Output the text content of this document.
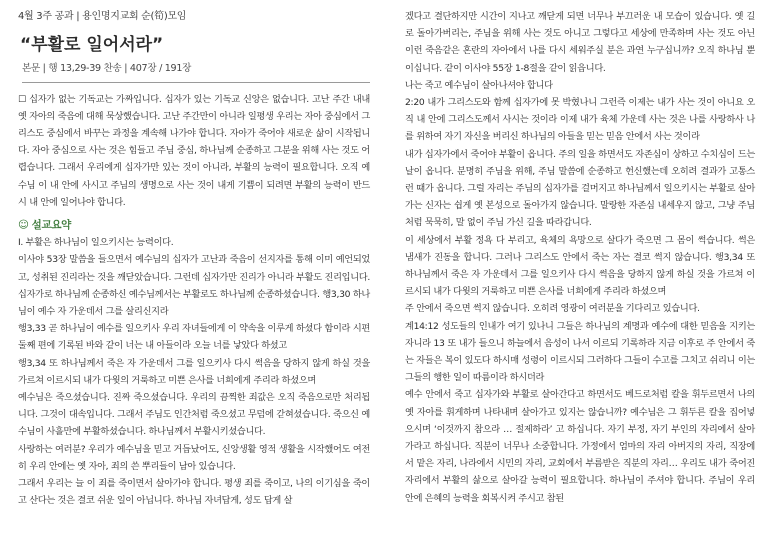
4월 3주 공과 | 용인명지교회 순(筍)모임
“부활로 일어서라”
본문 | 행 13,29-39 찬송 | 407장 / 191장

☐ 십자가 없는 기독교는 가짜입니다. 십자가 있는 기독교 신앙은 없습니다. 고난 주간 내내 옛 자아의 죽음에 대해 묵상했습니다. 고난 주간만이 아니라 일평생 우리는 자아 중심에서 그리스도 중심에서 바꾸는 과정을 계속해 나가야 합니다. 자아가 죽어야 새로운 삶이 시작됩니다. 자아 중심으로 사는 것은 힘들고 주님 중심, 하나님께 순종하고 그분을 위해 사는 것도 어렵습니다. 그래서 우리에게 십자가만 있는 것이 아니라, 부활의 능력이 필요합니다. 오직 예수님 이 내 안에 사시고 주님의 생명으로 사는 것이 내게 기쁨이 되려면 부활의 능력이 반드시 내 안에 일어나야 합니다.

☺ 설교요약

I. 부활은 하나님이 일으키시는 능력이다.

이사야 53장 말씀을 들으면서 예수님의 십자가 고난과 죽음이 선지자를 통해 이미 예언되었고, 성취된 진리라는 것을 깨닫았습니다. 그런데 십자가만 진리가 아니라 부활도 진리입니다. 십자가로 하나님께 순종하신 예수님께서는 부활로도 하나님께 순종하셨습니다. 행3,30 하나님이 예수 자 가운데서 그를 살리신지라

행3,33 곧 하나님이 예수를 일으키사 우리 자녀들에게 이 약속을 이루게 하셨다 함이라 시편 둘째 편에 기록된 바와 같이 너는 내 아들이라 오늘 너를 낳았다 하셨고

행3,34 또 하나님께서 죽은 자 가운데서 그를 일으키사 다시 썩음을 당하지 않게 하실 것을 가르쳐 이르시되 내가 다윗의 거룩하고 미쁜 은사를 너희에게 주리라 하셨으며

예수님은 죽으셨습니다. 진짜 죽으셨습니다. 우리의 끔찍한 죄값은 오직 죽음으로만 처리됩니다. 그것이 대속입니다. 그래서 주님도 인간처럼 죽으셨고 무덤에 갇혀셨습니다. 죽으신 예수님이 사흘만에 부활하셨습니다. 하나님께서 부활시키셨습니다.

사랑하는 여러분? 우리가 예수님을 믿고 거듭났어도, 신앙생활 영적 생활을 시작했어도 여전히 우리 안에는 옛 자아, 죄의 쓴 뿌리들이 남아 있습니다.

그래서 우리는 늘 이 죄를 죽이면서 살아가야 합니다. 평생 죄를 죽이고, 나의 이기심을 죽이고 산다는 것은 결코 쉬운 일이 아닙니다. 하나님 자녀답게, 성도 답게 살

겠다고 결단하지만 시간이 지나고 깨닫게 되면 너무나 부끄러운 내 모습이 있습니다. 옛 길로 돌아가버리는, 주님을 위해 사는 것도 아니고 그렇다고 세상에 만족하며 사는 것도 아닌 이런 죽음같은 혼란의 자아에서 나를 다시 세워주실 분은 과연 누구십니까? 오직 하나님 뿐이십니다. 같이 이사야 55장 1-8절을 같이 읽읍니다.

나는 죽고 예수님이 살아나셔야 합니다

2:20 내가 그리스도와 함께 십자가에 못 박혔나니 그런즉 이제는 내가 사는 것이 아니요 오직 내 안에 그리스도께서 사시는 것이라 이제 내가 육체 가운데 사는 것은 나를 사랑하사 나를 위하여 자기 자신을 버리신 하나님의 아들을 믿는 믿음 안에서 사는 것이라

내가 십자가에서 죽어야 부활이 옵니다. 주의 일을 하면서도 자존심이 상하고 수치심이 드는 날이 옵니다. 분명히 주님을 위해, 주님 말씀에 순종하고 헌신했는데 오히려 결과가 고통스런 때가 옵니다. 그럴 자리는 주님의 십자가를 걸머지고 하나님께서 일으키시는 부활로 살아가는 신자는 쉽게 옛 본성으로 돌아가지 않습니다. 말랑한 자존심 내세우지 않고, 그냥 주님처럼 묵묵히, 말 없이 주님 가신 길을 따라갑니다.

이 세상에서 부활 정욕 다 부리고, 육체의 욕망으로 살다가 죽으면 그 몸이 썩습니다. 썩은 냄새가 진동을 합니다. 그러나 그리스도 안에서 죽는 자는 결코 썩지 않습니다. 행3,34 또 하나님께서 죽은 자 가운데서 그를 일으키사 다시 썩음을 당하지 않게 하실 것을 가르쳐 이르시되 내가 다윗의 거룩하고 미쁜 은사를 너희에게 주리라 하셨으며

주 안에서 죽으면 썩지 않습니다. 오히려 영광이 여러분을 기다리고 있습니다.

계14:12 성도들의 인내가 여기 있나니 그들은 하나님의 계명과 예수에 대한 믿음을 지키는 자니라 13 또 내가 들으니 하늘에서 음성이 나서 이르되 기록하라 지금 이후로 주 안에서 죽는 자들은 복이 있도다 하시매 성령이 이르시되 그러하다 그들이 수고를 그치고 쉬리니 이는 그들의 행한 일이 따름이라 하시더라

예수 안에서 죽고 십자가와 부활로 살아간다고 하면서도 베드로처럼 칼을 휘두르면서 나의 옛 자아를 휘게하며 나타내며 살아가고 있지는 않습니까? 예수님은 그 휘두른 칼을 집어넣으시며 ‘이것까지 참으라 … 절제하라’ 고 하십니다. 자기 부정, 자기 부인의 자리에서 살아가라고 하십니다. 직분이 너무나 소중합니다. 가정에서 엄마의 자리 아버지의 자리, 직장에서 맡은 자리, 나라에서 시민의 자리, 교회에서 부름받은 직분의 자리… 우리도 내가 죽어진 자리에서 부활의 삶으로 살아갈 능력이 필요합니다. 하나님이 주셔야 합니다. 주님이 우리 안에 은혜의 능력을 회복시켜 주시고 참된
